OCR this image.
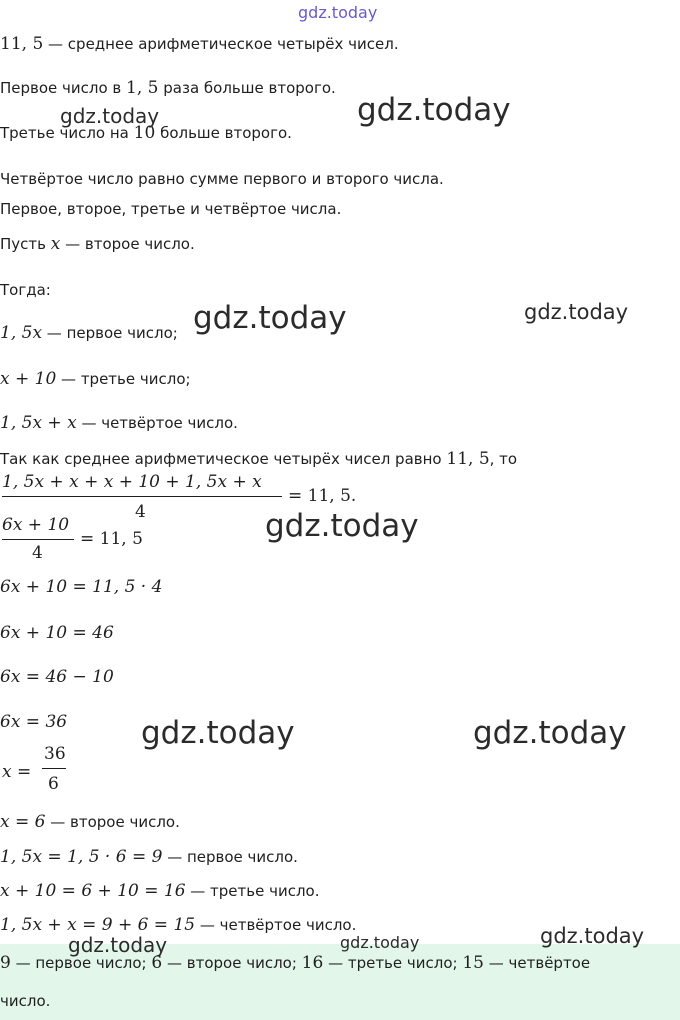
gdz.today
11, 5 — среднее арифметическое четырёх чисел.
Первое число в 1, 5 раза больше второго.
Третье число на 10 больше второго.
Четвёртое число равно сумме первого и второго числа.
Первое, второе, третье и четвёртое числа.
Пусть x — второе число.
Тогда:
1, 5x — первое число;
x + 10 — третье число;
1, 5x + x — четвёртое число.
Так как среднее арифметическое четырёх чисел равно 11, 5, то
1, 5x + x + x + 10 + 1, 5x + x
4
= 11, 5.
6x + 10
4
= 11, 5
6x + 10 = 11, 5 · 4
6x + 10 = 46
6x = 46 − 10
6x = 36
x =
36
6
x = 6 — второе число.
1, 5x = 1, 5 · 6 = 9 — первое число.
x + 10 = 6 + 10 = 16 — третье число.
1, 5x + x = 9 + 6 = 15 — четвёртое число.
9 — первое число; 6 — второе число; 16 — третье число; 15 — четвёртое
число.
gdz.today	gdz.today
gdz.today	gdz.today
gdz.today
gdz.today	gdz.today
gdz.today	gdz.today	gdz.today
